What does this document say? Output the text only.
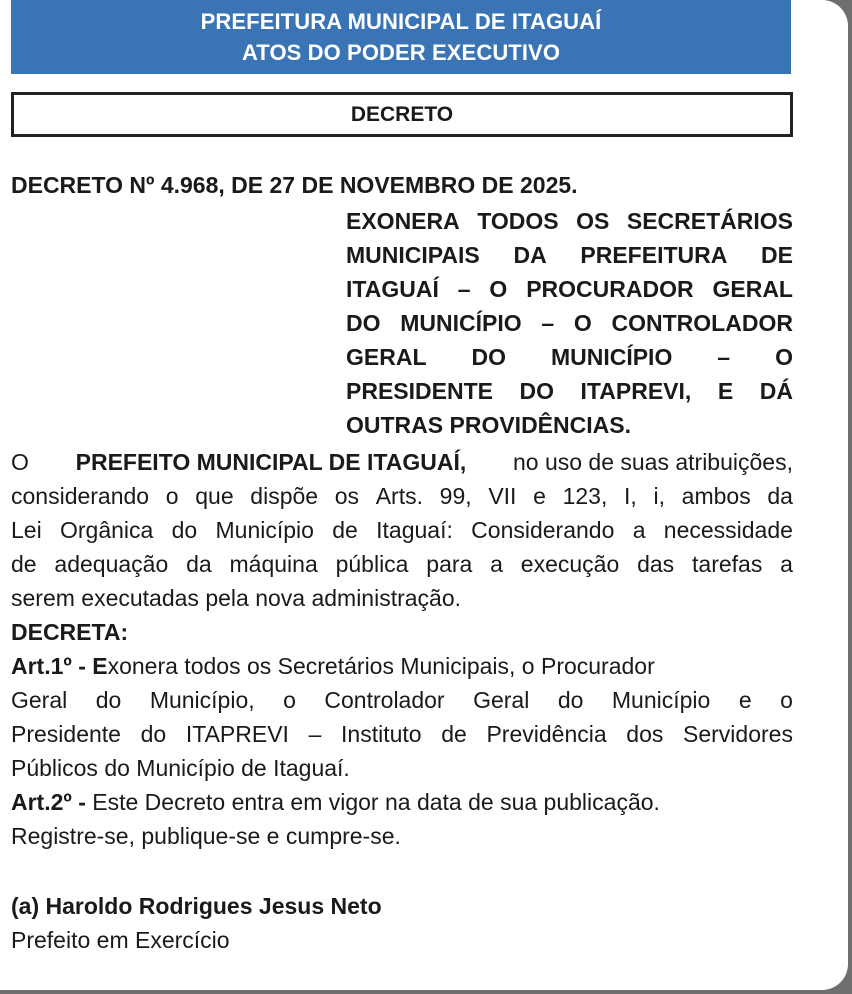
PREFEITURA MUNICIPAL DE ITAGUAÍ
ATOS DO PODER EXECUTIVO
DECRETO

DECRETO Nº 4.968, DE 27 DE NOVEMBRO DE 2025.

EXONERA TODOS OS SECRETÁRIOS
MUNICIPAIS DA PREFEITURA DE
ITAGUAÍ – O PROCURADOR GERAL
DO MUNICÍPIO – O CONTROLADOR
GERAL DO MUNICÍPIO – O
PRESIDENTE DO ITAPREVI, E DÁ
OUTRAS PROVIDÊNCIAS.
O PREFEITO MUNICIPAL DE ITAGUAÍ, no uso de suas atribuições,
considerando o que dispõe os Arts. 99, VII e 123, I, i, ambos da
Lei Orgânica do Município de Itaguaí: Considerando a necessidade
de adequação da máquina pública para a execução das tarefas a
serem executadas pela nova administração.
DECRETA:
Art.1º - Exonera todos os Secretários Municipais, o Procurador
Geral do Município, o Controlador Geral do Município e o
Presidente do ITAPREVI – Instituto de Previdência dos Servidores
Públicos do Município de Itaguaí.
Art.2º - Este Decreto entra em vigor na data de sua publicação.
Registre-se, publique-se e cumpre-se.

(a) Haroldo Rodrigues Jesus Neto

Prefeito em Exercício
